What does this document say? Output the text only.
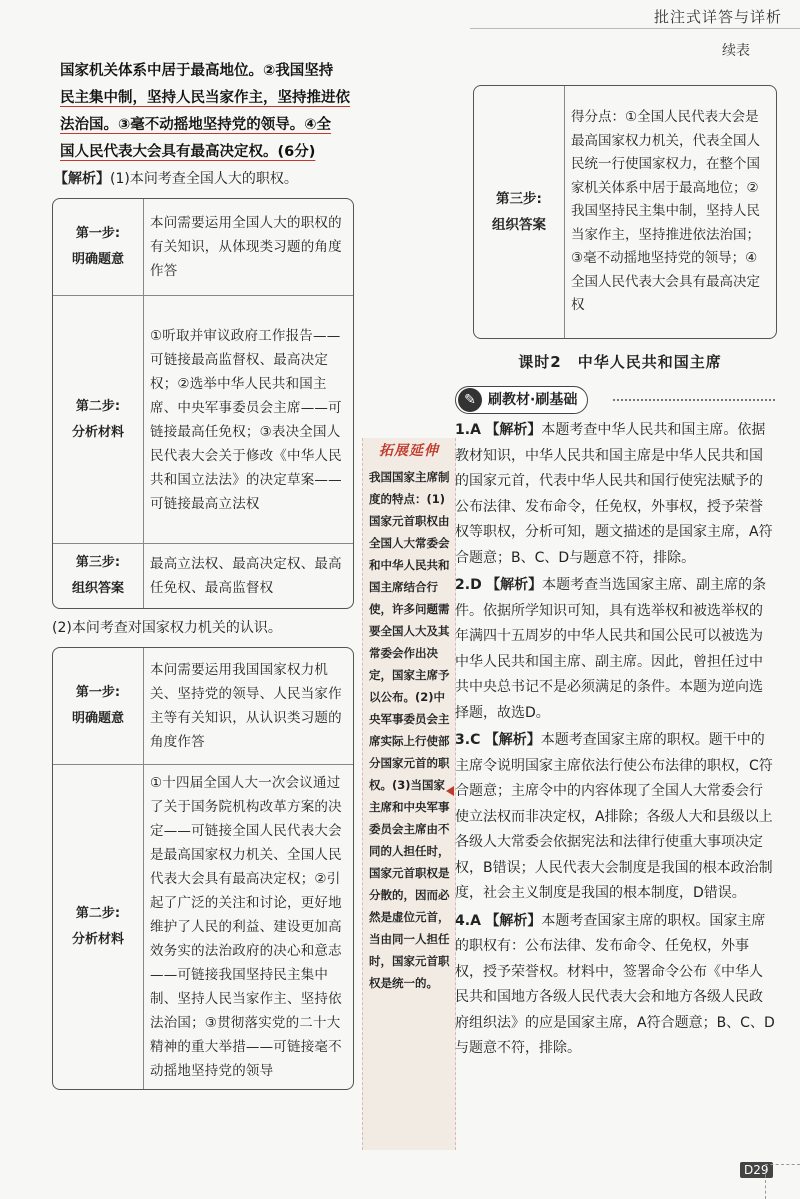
批注式详答与详析
续表
国家机关体系中居于最高地位。②我国坚持
民主集中制，坚持人民当家作主，坚持推进依
法治国。③毫不动摇地坚持党的领导。④全
国人民代表大会具有最高决定权。(6分)
【解析】(1)本问考查全国人大的职权。
第一步:
明确题意	本问需要运用全国人大的职权的有关知识，从体现类习题的角度作答
第二步:
分析材料	①听取并审议政府工作报告——可链接最高监督权、最高决定权；②选举中华人民共和国主席、中央军事委员会主席——可链接最高任免权；③表决全国人民代表大会关于修改《中华人民共和国立法法》的决定草案——可链接最高立法权
第三步:
组织答案	最高立法权、最高决定权、最高任免权、最高监督权
(2)本问考查对国家权力机关的认识。
第一步:
明确题意	本问需要运用我国国家权力机关、坚持党的领导、人民当家作主等有关知识，从认识类习题的角度作答
第二步:
分析材料	①十四届全国人大一次会议通过了关于国务院机构改革方案的决定——可链接全国人民代表大会是最高国家权力机关、全国人民代表大会具有最高决定权；②引起了广泛的关注和讨论，更好地维护了人民的利益、建设更加高效务实的法治政府的决心和意志——可链接我国坚持民主集中制、坚持人民当家作主、坚持依法治国；③贯彻落实党的二十大精神的重大举措——可链接毫不动摇地坚持党的领导
拓展延伸
我国国家主席制度的特点：(1)国家元首职权由全国人大常委会和中华人民共和国主席结合行使，许多问题需要全国人大及其常委会作出决定，国家主席予以公布。(2)中央军事委员会主席实际上行使部分国家元首的职权。(3)当国家主席和中央军事委员会主席由不同的人担任时，国家元首职权是分散的，因而必然是虚位元首，当由同一人担任时，国家元首职权是统一的。
第三步:
组织答案	得分点：①全国人民代表大会是最高国家权力机关，代表全国人民统一行使国家权力，在整个国家机关体系中居于最高地位；②我国坚持民主集中制，坚持人民当家作主，坚持推进依法治国；③毫不动摇地坚持党的领导；④全国人民代表大会具有最高决定权
课时2　中华人民共和国主席
✎ 刷教材·刷基础
1.A 【解析】本题考查中华人民共和国主席。依据教材知识，中华人民共和国主席是中华人民共和国的国家元首，代表中华人民共和国行使宪法赋予的公布法律、发布命令，任免权，外事权，授予荣誉权等职权，分析可知，题文描述的是国家主席，A符合题意；B、C、D与题意不符，排除。
2.D 【解析】本题考查当选国家主席、副主席的条件。依据所学知识可知，具有选举权和被选举权的年满四十五周岁的中华人民共和国公民可以被选为中华人民共和国主席、副主席。因此，曾担任过中共中央总书记不是必须满足的条件。本题为逆向选择题，故选D。
3.C 【解析】本题考查国家主席的职权。题干中的主席令说明国家主席依法行使公布法律的职权，C符合题意；主席令中的内容体现了全国人大常委会行使立法权而非决定权，A排除；各级人大和县级以上各级人大常委会依据宪法和法律行使重大事项决定权，B错误；人民代表大会制度是我国的根本政治制度，社会主义制度是我国的根本制度，D错误。
4.A 【解析】本题考查国家主席的职权。国家主席的职权有：公布法律、发布命令、任免权，外事权，授予荣誉权。材料中，签署命令公布《中华人民共和国地方各级人民代表大会和地方各级人民政府组织法》的应是国家主席，A符合题意；B、C、D与题意不符，排除。
D29
